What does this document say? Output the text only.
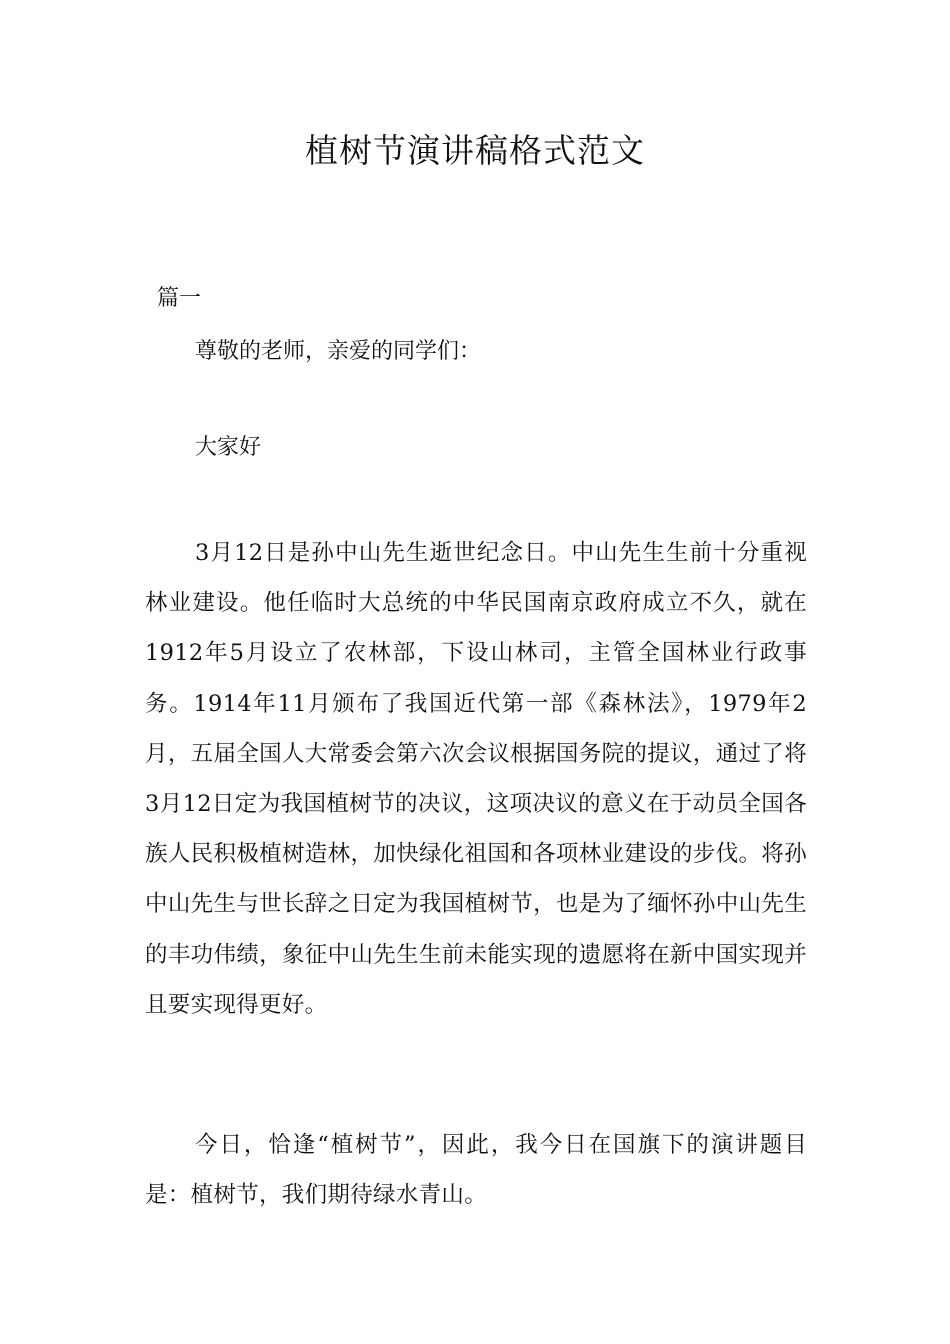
植树节演讲稿格式范文
篇一
尊敬的老师，亲爱的同学们：
大家好

3月12日是孙中山先生逝世纪念日。中山先生生前十分重视林业建设。他任临时大总统的中华民国南京政府成立不久，就在1912年5月设立了农林部，下设山林司，主管全国林业行政事务。1914年11月颁布了我国近代第一部《森林法》，1979年2月，五届全国人大常委会第六次会议根据国务院的提议，通过了将3月12日定为我国植树节的决议，这项决议的意义在于动员全国各族人民积极植树造林，加快绿化祖国和各项林业建设的步伐。将孙中山先生与世长辞之日定为我国植树节，也是为了缅怀孙中山先生的丰功伟绩，象征中山先生生前未能实现的遗愿将在新中国实现并且要实现得更好。

今日，恰逢“植树节”，因此，我今日在国旗下的演讲题目是：植树节，我们期待绿水青山。
